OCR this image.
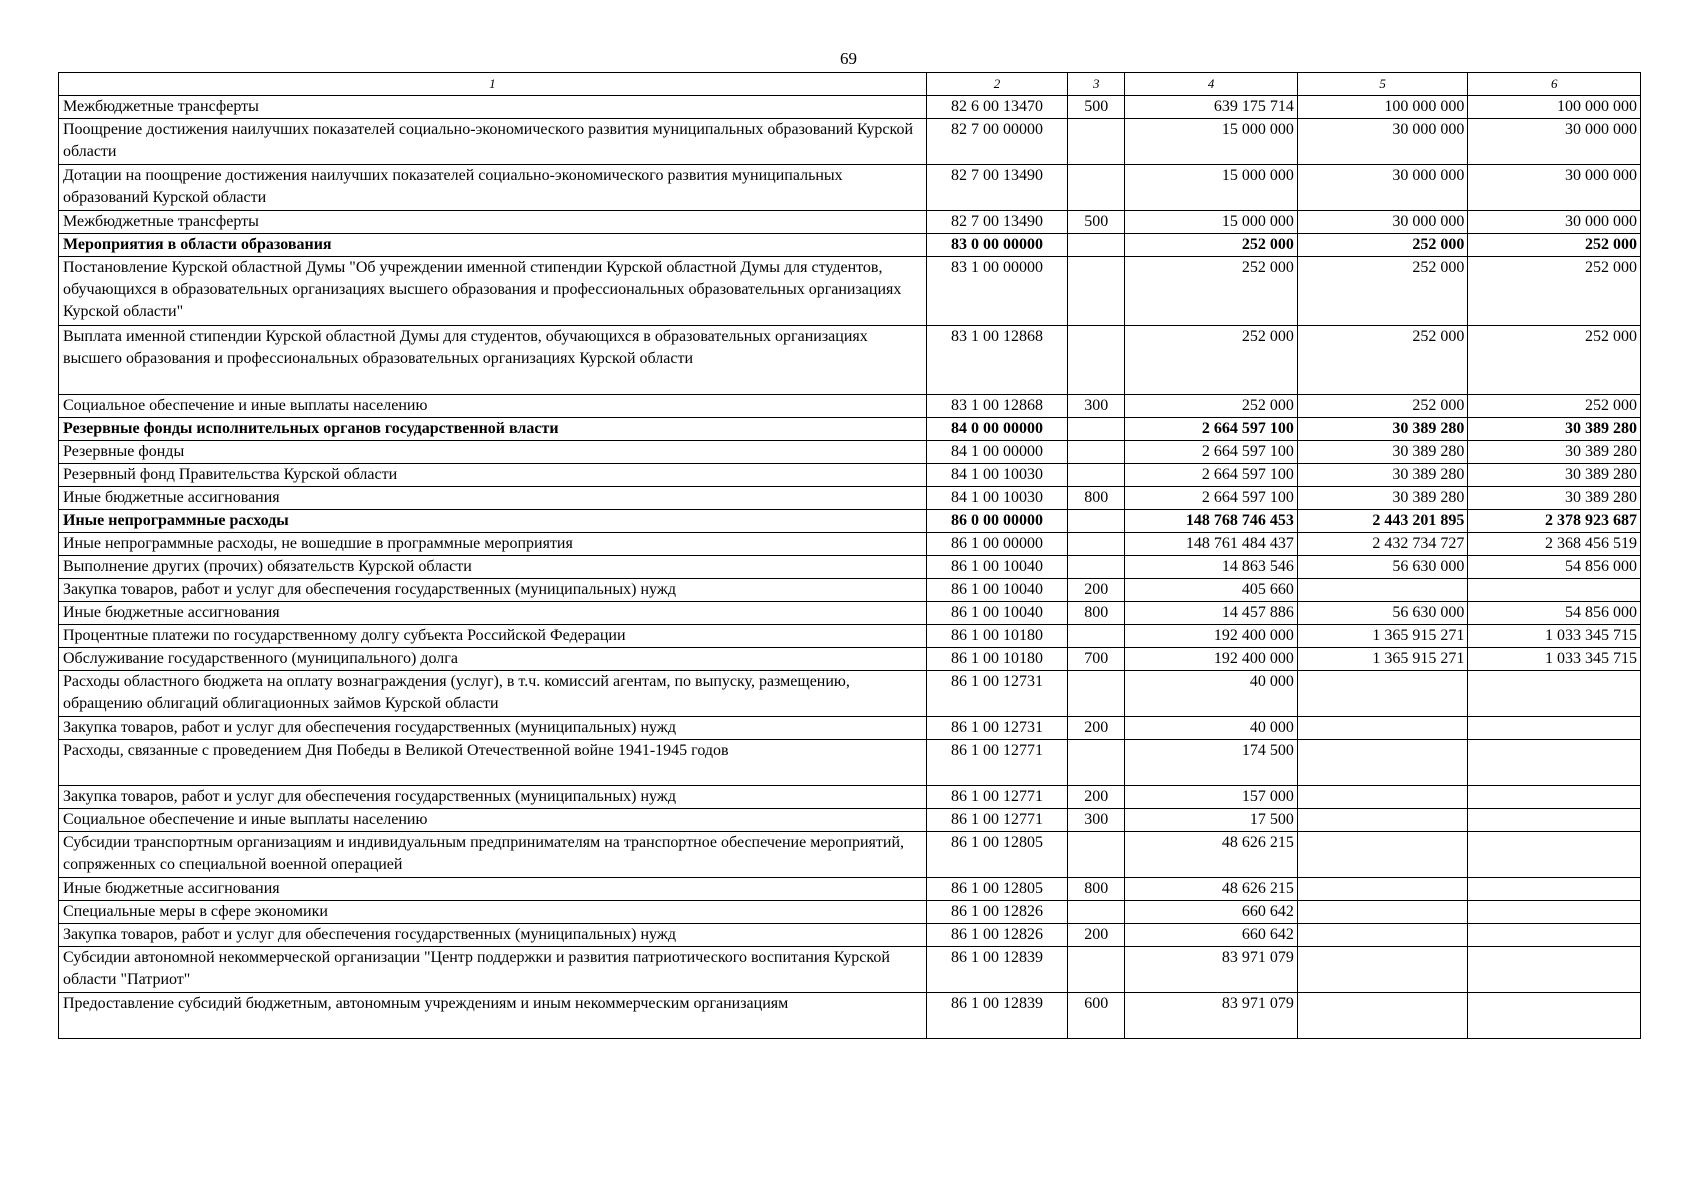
69
1	2	3	4	5	6
Межбюджетные трансферты	82 6 00 13470	500	639 175 714	100 000 000	100 000 000
Поощрение достижения наилучших показателей социально-экономического развития муниципальных образований Курской области	82 7 00 00000		15 000 000	30 000 000	30 000 000
Дотации на поощрение достижения наилучших показателей социально-экономического развития муниципальных образований Курской области	82 7 00 13490		15 000 000	30 000 000	30 000 000
Межбюджетные трансферты	82 7 00 13490	500	15 000 000	30 000 000	30 000 000
Мероприятия в области образования	83 0 00 00000		252 000	252 000	252 000
Постановление Курской областной Думы "Об учреждении именной стипендии Курской областной Думы для студентов, обучающихся в образовательных организациях высшего образования и профессиональных образовательных организациях Курской области"	83 1 00 00000		252 000	252 000	252 000
Выплата именной стипендии Курской областной Думы для студентов, обучающихся в образовательных организациях высшего образования и профессиональных образовательных организациях Курской области	83 1 00 12868		252 000	252 000	252 000
Социальное обеспечение и иные выплаты населению	83 1 00 12868	300	252 000	252 000	252 000
Резервные фонды исполнительных органов государственной власти	84 0 00 00000		2 664 597 100	30 389 280	30 389 280
Резервные фонды	84 1 00 00000		2 664 597 100	30 389 280	30 389 280
Резервный фонд Правительства Курской области	84 1 00 10030		2 664 597 100	30 389 280	30 389 280
Иные бюджетные ассигнования	84 1 00 10030	800	2 664 597 100	30 389 280	30 389 280
Иные непрограммные расходы	86 0 00 00000		148 768 746 453	2 443 201 895	2 378 923 687
Иные непрограммные расходы, не вошедшие в программные мероприятия	86 1 00 00000		148 761 484 437	2 432 734 727	2 368 456 519
Выполнение других (прочих) обязательств Курской области	86 1 00 10040		14 863 546	56 630 000	54 856 000
Закупка товаров, работ и услуг для обеспечения государственных (муниципальных) нужд	86 1 00 10040	200	405 660		
Иные бюджетные ассигнования	86 1 00 10040	800	14 457 886	56 630 000	54 856 000
Процентные платежи по государственному долгу субъекта Российской Федерации	86 1 00 10180		192 400 000	1 365 915 271	1 033 345 715
Обслуживание государственного (муниципального) долга	86 1 00 10180	700	192 400 000	1 365 915 271	1 033 345 715
Расходы областного бюджета на оплату вознаграждения (услуг), в т.ч. комиссий агентам, по выпуску, размещению, обращению облигаций облигационных займов Курской области	86 1 00 12731		40 000		
Закупка товаров, работ и услуг для обеспечения государственных (муниципальных) нужд	86 1 00 12731	200	40 000		
Расходы, связанные с проведением Дня Победы в Великой Отечественной войне 1941-1945 годов	86 1 00 12771		174 500		
Закупка товаров, работ и услуг для обеспечения государственных (муниципальных) нужд	86 1 00 12771	200	157 000		
Социальное обеспечение и иные выплаты населению	86 1 00 12771	300	17 500		
Субсидии транспортным организациям и индивидуальным предпринимателям на транспортное обеспечение мероприятий, сопряженных со специальной военной операцией	86 1 00 12805		48 626 215		
Иные бюджетные ассигнования	86 1 00 12805	800	48 626 215		
Специальные меры в сфере экономики	86 1 00 12826		660 642		
Закупка товаров, работ и услуг для обеспечения государственных (муниципальных) нужд	86 1 00 12826	200	660 642		
Субсидии автономной некоммерческой организации "Центр поддержки и развития патриотического воспитания Курской области "Патриот"	86 1 00 12839		83 971 079		
Предоставление субсидий бюджетным, автономным учреждениям и иным некоммерческим организациям	86 1 00 12839	600	83 971 079		
